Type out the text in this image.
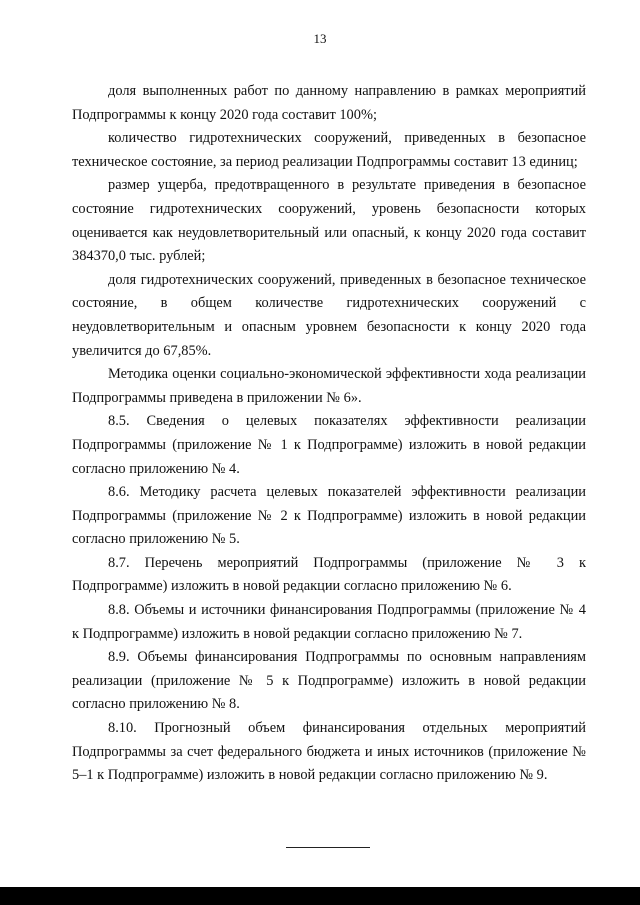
13

доля выполненных работ по данному направлению в рамках мероприятий Подпрограммы к концу 2020 года составит 100%;

количество гидротехнических сооружений, приведенных в безопасное техническое состояние, за период реализации Подпрограммы составит 13 единиц;

размер ущерба, предотвращенного в результате приведения в безопасное состояние гидротехнических сооружений, уровень безопасности которых оценивается как неудовлетворительный или опасный, к концу 2020 года составит 384370,0 тыс. рублей;

доля гидротехнических сооружений, приведенных в безопасное техническое состояние, в общем количестве гидротехнических сооружений с неудовлетворительным и опасным уровнем безопасности к концу 2020 года увеличится до 67,85%.

Методика оценки социально-экономической эффективности хода реализации Подпрограммы приведена в приложении № 6».

8.5. Сведения о целевых показателях эффективности реализации Подпрограммы (приложение № 1 к Подпрограмме) изложить в новой редакции согласно приложению № 4.

8.6. Методику расчета целевых показателей эффективности реализации Подпрограммы (приложение № 2 к Подпрограмме) изложить в новой редакции согласно приложению № 5.

8.7. Перечень мероприятий Подпрограммы (приложение № 3 к Подпрограмме) изложить в новой редакции согласно приложению № 6.

8.8. Объемы и источники финансирования Подпрограммы (приложение № 4 к Подпрограмме) изложить в новой редакции согласно приложению № 7.

8.9. Объемы финансирования Подпрограммы по основным направлениям реализации (приложение № 5 к Подпрограмме) изложить в новой редакции согласно приложению № 8.

8.10. Прогнозный объем финансирования отдельных мероприятий Подпрограммы за счет федерального бюджета и иных источников (приложение № 5–1 к Подпрограмме) изложить в новой редакции согласно приложению № 9.
